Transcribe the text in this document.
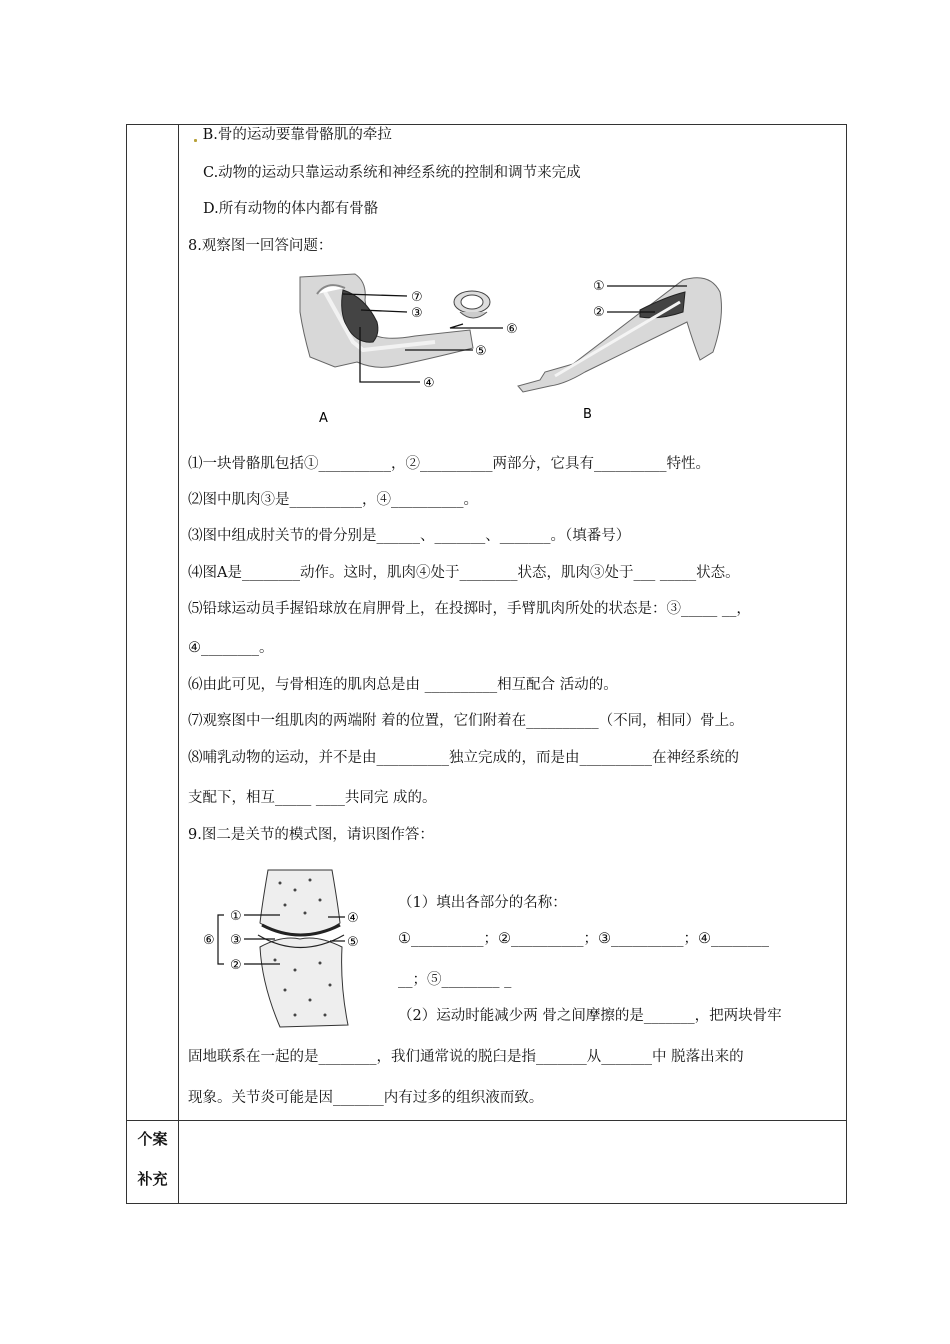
个案
补充
B.骨的运动要靠骨骼肌的牵拉
C.动物的运动只靠运动系统和神经系统的控制和调节来完成
D.所有动物的体内都有骨骼
8.观察图一回答问题：
⑦
③
⑥
⑤
④
A
①
②
B
⑴一块骨骼肌包括①__________，②__________两部分，它具有__________特性。
⑵图中肌肉③是__________，④__________。
⑶图中组成肘关节的骨分别是______、_______、_______。（填番号）
⑷图A是________动作。这时，肌肉④处于________状态，肌肉③处于___ _____状态。
⑸铅球运动员手握铅球放在肩胛骨上，在投掷时，手臂肌肉所处的状态是：③_____ __，
④________。
⑹由此可见，与骨相连的肌肉总是由 __________相互配合 活动的。
⑺观察图中一组肌肉的两端附 着的位置，它们附着在__________（不同，相同）骨上。
⑻哺乳动物的运动，并不是由__________独立完成的，而是由__________在神经系统的
支配下，相互_____ ____共同完 成的。
9.图二是关节的模式图，请识图作答：
①
③
②
④
⑤
⑥
（1）填出各部分的名称：
①__________；②__________；③__________；④________
__；⑤________ _
（2）运动时能减少两 骨之间摩擦的是_______，把两块骨牢
固地联系在一起的是________，我们通常说的脱臼是指_______从_______中 脱落出来的
现象。关节炎可能是因_______内有过多的组织液而致。
